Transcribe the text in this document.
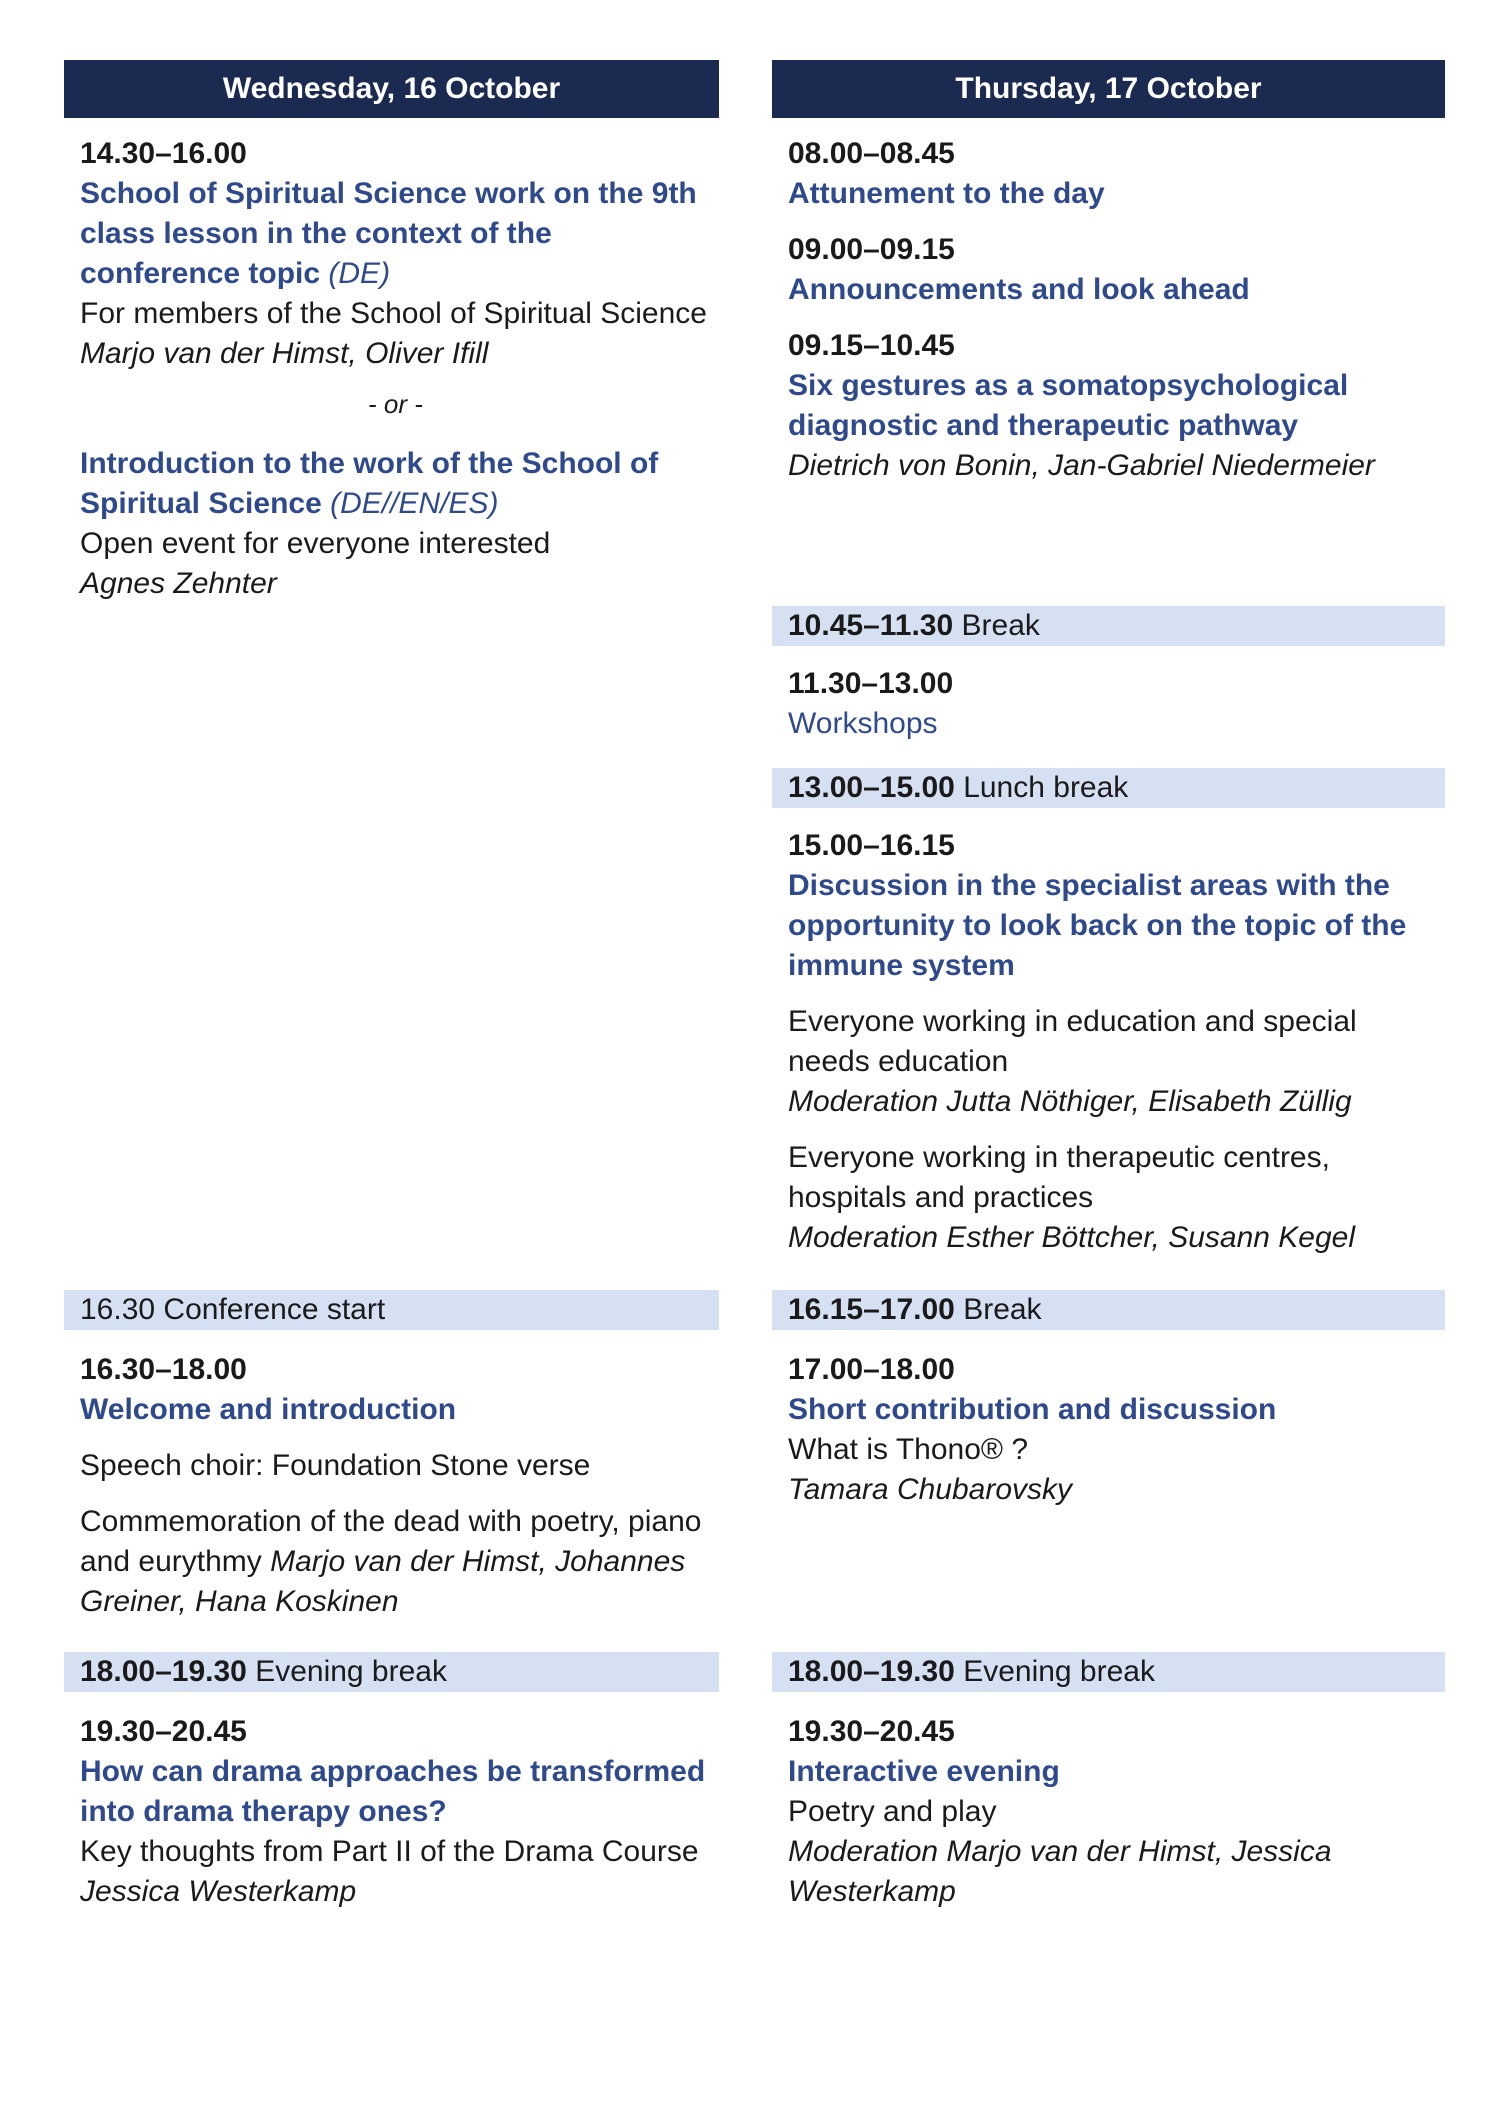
Wednesday, 16 October
14.30–16.00
School of Spiritual Science work on the 9th class lesson in the context of the conference topic (DE)
For members of the School of Spiritual Science Marjo van der Himst, Oliver Ifill
- or -
Introduction to the work of the School of Spiritual Science (DE//EN/ES)
Open event for everyone interested
Agnes Zehnter
16.30 Conference start
16.30–18.00
Welcome and introduction
Speech choir: Foundation Stone verse
Commemoration of the dead with poetry, piano and eurythmy Marjo van der Himst, Johannes Greiner, Hana Koskinen
18.00–19.30 Evening break
19.30–20.45
How can drama approaches be transformed into drama therapy ones?
Key thoughts from Part II of the Drama Course
Jessica Westerkamp
Thursday, 17 October
08.00–08.45
Attunement to the day
09.00–09.15
Announcements and look ahead
09.15–10.45
Six gestures as a somatopsychological diagnostic and therapeutic pathway
Dietrich von Bonin, Jan-Gabriel Niedermeier
10.45–11.30 Break
11.30–13.00
Workshops
13.00–15.00 Lunch break
15.00–16.15
Discussion in the specialist areas with the opportunity to look back on the topic of the immune system
Everyone working in education and special needs education
Moderation Jutta Nöthiger, Elisabeth Züllig
Everyone working in therapeutic centres, hospitals and practices
Moderation Esther Böttcher, Susann Kegel
16.15–17.00 Break
17.00–18.00
Short contribution and discussion
What is Thono® ?
Tamara Chubarovsky
18.00–19.30 Evening break
19.30–20.45
Interactive evening
Poetry and play
Moderation Marjo van der Himst, Jessica Westerkamp
